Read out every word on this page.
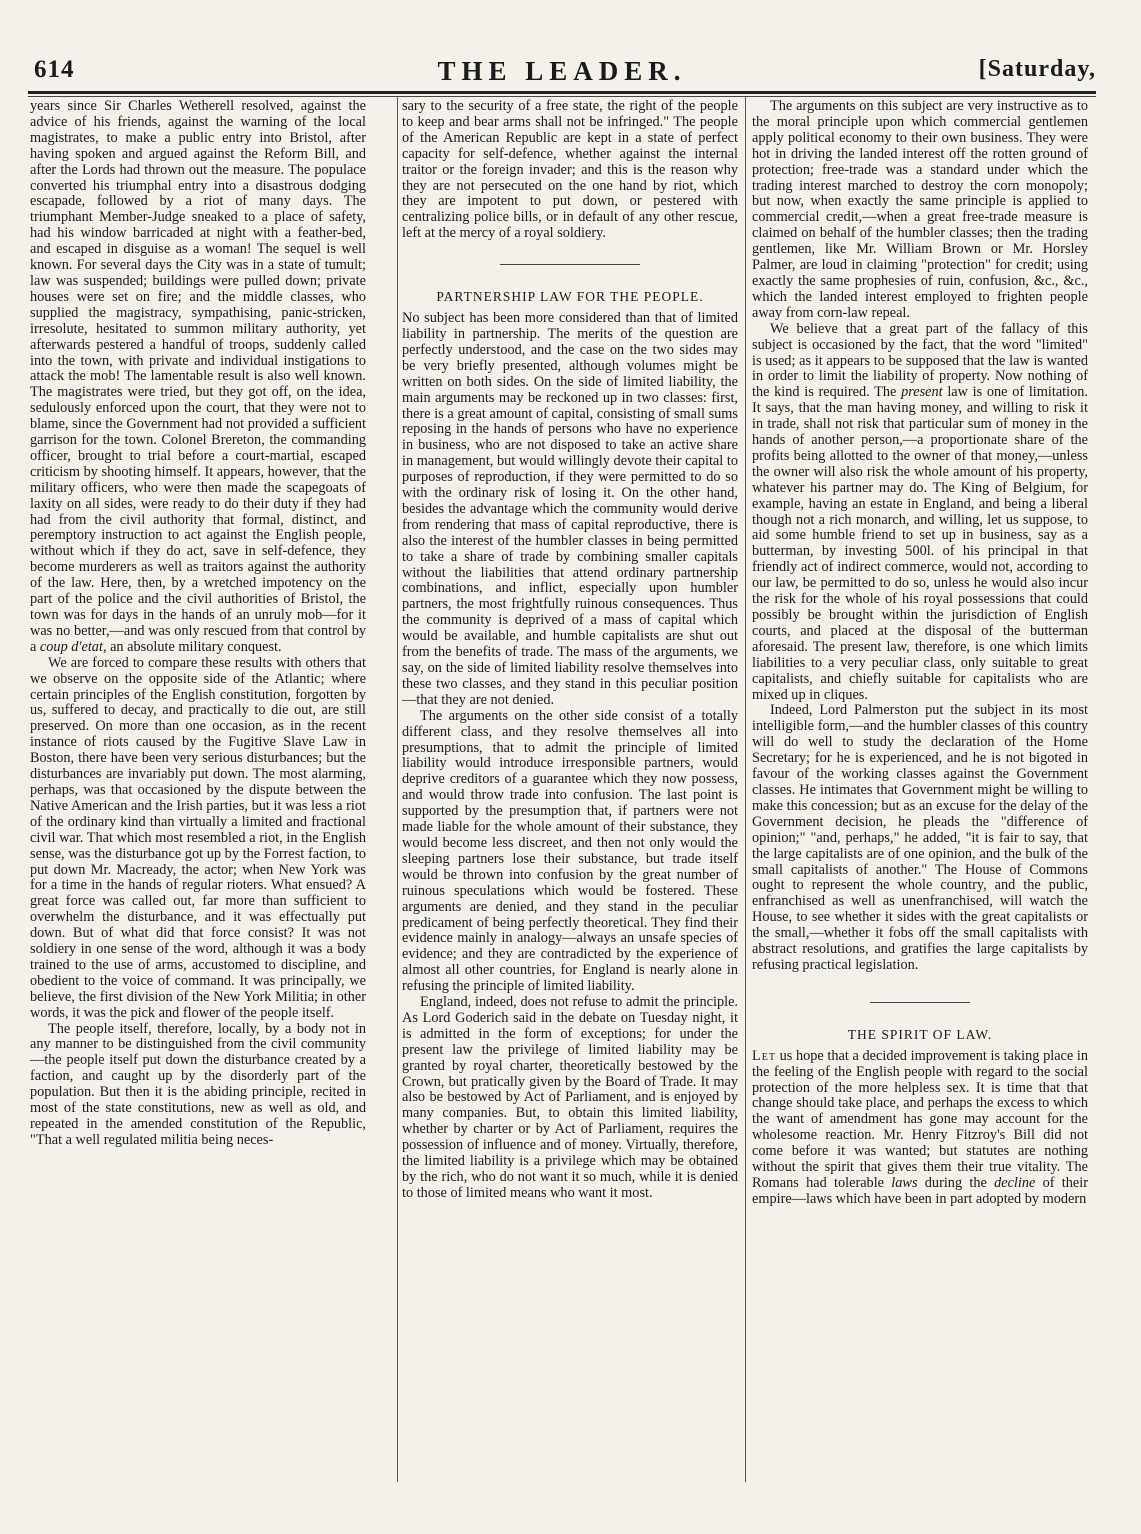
614	THE LEADER.	[Saturday,

years since Sir Charles Wetherell resolved, against the advice of his friends, against the warning of the local magistrates, to make a public entry into Bristol, after having spoken and argued against the Reform Bill, and after the Lords had thrown out the measure. The populace converted his triumphal entry into a disastrous dodging escapade, followed by a riot of many days. The triumphant Member-Judge sneaked to a place of safety, had his window barricaded at night with a feather-bed, and escaped in disguise as a woman! The sequel is well known. For several days the City was in a state of tumult; law was suspended; buildings were pulled down; private houses were set on fire; and the middle classes, who supplied the magistracy, sympathising, panic-stricken, irresolute, hesitated to summon military authority, yet afterwards pestered a handful of troops, suddenly called into the town, with private and individual instigations to attack the mob! The lamentable result is also well known. The magistrates were tried, but they got off, on the idea, sedulously enforced upon the court, that they were not to blame, since the Government had not provided a sufficient garrison for the town. Colonel Brereton, the commanding officer, brought to trial before a court-martial, escaped criticism by shooting himself. It appears, however, that the military officers, who were then made the scapegoats of laxity on all sides, were ready to do their duty if they had had from the civil authority that formal, distinct, and peremptory instruction to act against the English people, without which if they do act, save in self-defence, they become murderers as well as traitors against the authority of the law. Here, then, by a wretched impotency on the part of the police and the civil authorities of Bristol, the town was for days in the hands of an unruly mob—for it was no better,—and was only rescued from that control by a coup d'etat, an absolute military conquest.

We are forced to compare these results with others that we observe on the opposite side of the Atlantic; where certain principles of the English constitution, forgotten by us, suffered to decay, and practically to die out, are still preserved. On more than one occasion, as in the recent instance of riots caused by the Fugitive Slave Law in Boston, there have been very serious disturbances; but the disturbances are invariably put down. The most alarming, perhaps, was that occasioned by the dispute between the Native American and the Irish parties, but it was less a riot of the ordinary kind than virtually a limited and fractional civil war. That which most resembled a riot, in the English sense, was the disturbance got up by the Forrest faction, to put down Mr. Macready, the actor; when New York was for a time in the hands of regular rioters. What ensued? A great force was called out, far more than sufficient to overwhelm the disturbance, and it was effectually put down. But of what did that force consist? It was not soldiery in one sense of the word, although it was a body trained to the use of arms, accustomed to discipline, and obedient to the voice of command. It was principally, we believe, the first division of the New York Militia; in other words, it was the pick and flower of the people itself.

The people itself, therefore, locally, by a body not in any manner to be distinguished from the civil community—the people itself put down the disturbance created by a faction, and caught up by the disorderly part of the population. But then it is the abiding principle, recited in most of the state constitutions, new as well as old, and repeated in the amended constitution of the Republic, "That a well regulated militia being neces-

sary to the security of a free state, the right of the people to keep and bear arms shall not be infringed." The people of the American Republic are kept in a state of perfect capacity for self-defence, whether against the internal traitor or the foreign invader; and this is the reason why they are not persecuted on the one hand by riot, which they are impotent to put down, or pestered with centralizing police bills, or in default of any other rescue, left at the mercy of a royal soldiery.

PARTNERSHIP LAW FOR THE PEOPLE.

No subject has been more considered than that of limited liability in partnership. The merits of the question are perfectly understood, and the case on the two sides may be very briefly presented, although volumes might be written on both sides. On the side of limited liability, the main arguments may be reckoned up in two classes: first, there is a great amount of capital, consisting of small sums reposing in the hands of persons who have no experience in business, who are not disposed to take an active share in management, but would willingly devote their capital to purposes of reproduction, if they were permitted to do so with the ordinary risk of losing it. On the other hand, besides the advantage which the community would derive from rendering that mass of capital reproductive, there is also the interest of the humbler classes in being permitted to take a share of trade by combining smaller capitals without the liabilities that attend ordinary partnership combinations, and inflict, especially upon humbler partners, the most frightfully ruinous consequences. Thus the community is deprived of a mass of capital which would be available, and humble capitalists are shut out from the benefits of trade. The mass of the arguments, we say, on the side of limited liability resolve themselves into these two classes, and they stand in this peculiar position—that they are not denied.

The arguments on the other side consist of a totally different class, and they resolve themselves all into presumptions, that to admit the principle of limited liability would introduce irresponsible partners, would deprive creditors of a guarantee which they now possess, and would throw trade into confusion. The last point is supported by the presumption that, if partners were not made liable for the whole amount of their substance, they would become less discreet, and then not only would the sleeping partners lose their substance, but trade itself would be thrown into confusion by the great number of ruinous speculations which would be fostered. These arguments are denied, and they stand in the peculiar predicament of being perfectly theoretical. They find their evidence mainly in analogy—always an unsafe species of evidence; and they are contradicted by the experience of almost all other countries, for England is nearly alone in refusing the principle of limited liability.

England, indeed, does not refuse to admit the principle. As Lord Goderich said in the debate on Tuesday night, it is admitted in the form of exceptions; for under the present law the privilege of limited liability may be granted by royal charter, theoretically bestowed by the Crown, but pratically given by the Board of Trade. It may also be bestowed by Act of Parliament, and is enjoyed by many companies. But, to obtain this limited liability, whether by charter or by Act of Parliament, requires the possession of influence and of money. Virtually, therefore, the limited liability is a privilege which may be obtained by the rich, who do not want it so much, while it is denied to those of limited means who want it most.

The arguments on this subject are very instructive as to the moral principle upon which commercial gentlemen apply political economy to their own business. They were hot in driving the landed interest off the rotten ground of protection; free-trade was a standard under which the trading interest marched to destroy the corn monopoly; but now, when exactly the same principle is applied to commercial credit,—when a great free-trade measure is claimed on behalf of the humbler classes; then the trading gentlemen, like Mr. William Brown or Mr. Horsley Palmer, are loud in claiming "protection" for credit; using exactly the same prophesies of ruin, confusion, &c., &c., which the landed interest employed to frighten people away from corn-law repeal.

We believe that a great part of the fallacy of this subject is occasioned by the fact, that the word "limited" is used; as it appears to be supposed that the law is wanted in order to limit the liability of property. Now nothing of the kind is required. The present law is one of limitation. It says, that the man having money, and willing to risk it in trade, shall not risk that particular sum of money in the hands of another person,—a proportionate share of the profits being allotted to the owner of that money,—unless the owner will also risk the whole amount of his property, whatever his partner may do. The King of Belgium, for example, having an estate in England, and being a liberal though not a rich monarch, and willing, let us suppose, to aid some humble friend to set up in business, say as a butterman, by investing 500l. of his principal in that friendly act of indirect commerce, would not, according to our law, be permitted to do so, unless he would also incur the risk for the whole of his royal possessions that could possibly be brought within the jurisdiction of English courts, and placed at the disposal of the butterman aforesaid. The present law, therefore, is one which limits liabilities to a very peculiar class, only suitable to great capitalists, and chiefly suitable for capitalists who are mixed up in cliques.

Indeed, Lord Palmerston put the subject in its most intelligible form,—and the humbler classes of this country will do well to study the declaration of the Home Secretary; for he is experienced, and he is not bigoted in favour of the working classes against the Government classes. He intimates that Government might be willing to make this concession; but as an excuse for the delay of the Government decision, he pleads the "difference of opinion;" "and, perhaps," he added, "it is fair to say, that the large capitalists are of one opinion, and the bulk of the small capitalists of another." The House of Commons ought to represent the whole country, and the public, enfranchised as well as unenfranchised, will watch the House, to see whether it sides with the great capitalists or the small,—whether it fobs off the small capitalists with abstract resolutions, and gratifies the large capitalists by refusing practical legislation.

THE SPIRIT OF LAW.

Let us hope that a decided improvement is taking place in the feeling of the English people with regard to the social protection of the more helpless sex. It is time that that change should take place, and perhaps the excess to which the want of amendment has gone may account for the wholesome reaction. Mr. Henry Fitzroy's Bill did not come before it was wanted; but statutes are nothing without the spirit that gives them their true vitality. The Romans had tolerable laws during the decline of their empire—laws which have been in part adopted by modern
